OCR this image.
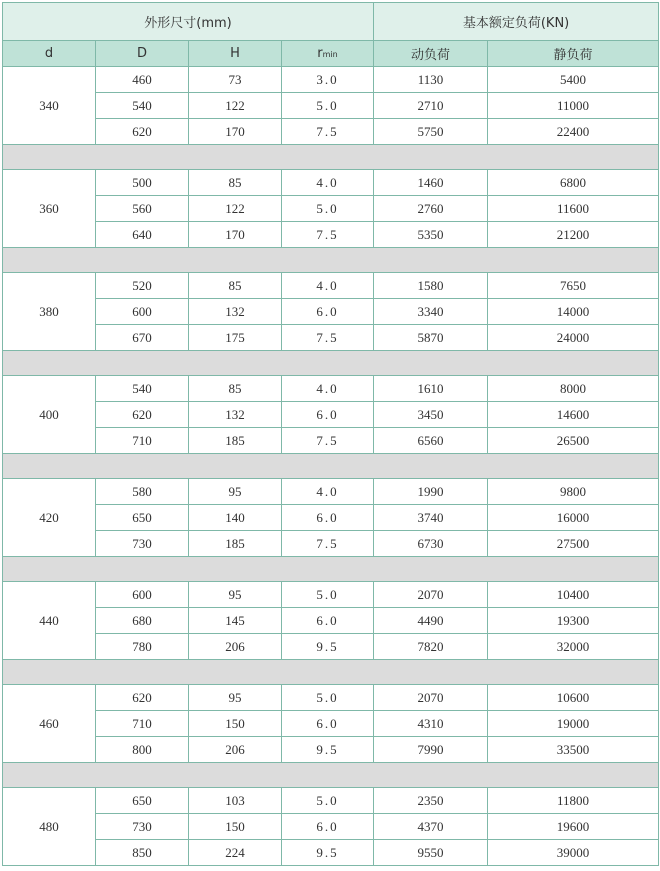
外形尺寸(mm)				基本额定负荷(KN)	
d	D	H	rmin	动负荷	静负荷
340	460	73	3.0	1130	5400
	540	122	5.0	2710	11000
	620	170	7.5	5750	22400

360	500	85	4.0	1460	6800
	560	122	5.0	2760	11600
	640	170	7.5	5350	21200

380	520	85	4.0	1580	7650
	600	132	6.0	3340	14000
	670	175	7.5	5870	24000

400	540	85	4.0	1610	8000
	620	132	6.0	3450	14600
	710	185	7.5	6560	26500

420	580	95	4.0	1990	9800
	650	140	6.0	3740	16000
	730	185	7.5	6730	27500

440	600	95	5.0	2070	10400
	680	145	6.0	4490	19300
	780	206	9.5	7820	32000

460	620	95	5.0	2070	10600
	710	150	6.0	4310	19000
	800	206	9.5	7990	33500

480	650	103	5.0	2350	11800
	730	150	6.0	4370	19600
	850	224	9.5	9550	39000
